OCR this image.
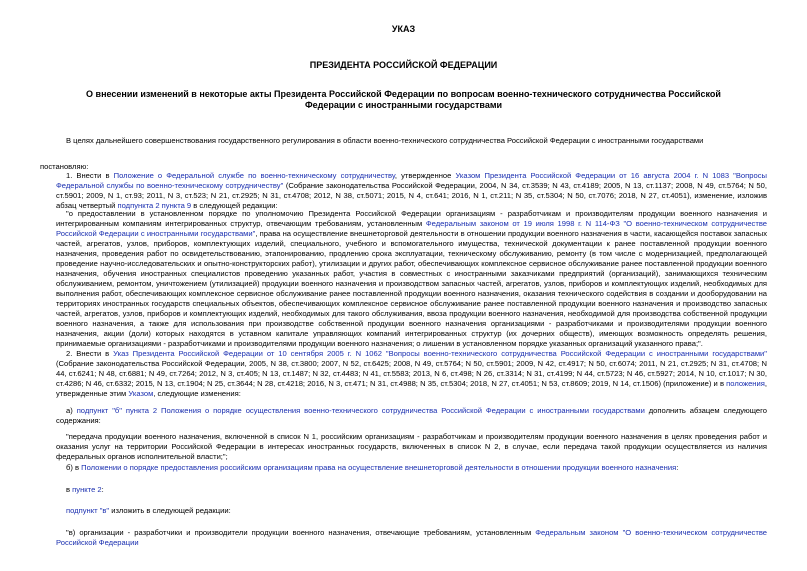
УКАЗ
ПРЕЗИДЕНТА РОССИЙСКОЙ ФЕДЕРАЦИИ
О внесении изменений в некоторые акты Президента Российской Федерации по вопросам военно-технического сотрудничества Российской Федерации с иностранными государствами
В целях дальнейшего совершенствования государственного регулирования в области военно-технического сотрудничества Российской Федерации с иностранными государствами
постановляю:
1. Внести в Положение о Федеральной службе по военно-техническому сотрудничеству, утвержденное Указом Президента Российской Федерации от 16 августа 2004 г. N 1083 "Вопросы Федеральной службы по военно-техническому сотрудничеству" (Собрание законодательства Российской Федерации, 2004, N 34, ст.3539; N 43, ст.4189; 2005, N 13, ст.1137; 2008, N 49, ст.5764; N 50, ст.5901; 2009, N 1, ст.93; 2011, N 3, ст.523; N 21, ст.2925; N 31, ст.4708; 2012, N 38, ст.5071; 2015, N 4, ст.641; 2016, N 1, ст.211; N 35, ст.5304; N 50, ст.7076; 2018, N 27, ст.4051), изменение, изложив абзац четвертый подпункта 2 пункта 9 в следующей редакции:
"о предоставлении в установленном порядке по уполномочию Президента Российской Федерации организациям - разработчикам и производителям продукции военного назначения и интегрированным компаниям интегрированных структур, отвечающим требованиям, установленным Федеральным законом от 19 июля 1998 г. N 114-ФЗ "О военно-техническом сотрудничестве Российской Федерации с иностранными государствами", права на осуществление внешнеторговой деятельности в отношении продукции военного назначения в части, касающейся поставок запасных частей, агрегатов, узлов, приборов, комплектующих изделий, специального, учебного и вспомогательного имущества, технической документации к ранее поставленной продукции военного назначения, проведения работ по освидетельствованию, этапонированию, продлению срока эксплуатации, техническому обслуживанию, ремонту (в том числе с модернизацией, предполагающей проведение научно-исследовательских и опытно-конструкторских работ), утилизации и других работ, обеспечивающих комплексное сервисное обслуживание ранее поставленной продукции военного назначения, обучения иностранных специалистов проведению указанных работ, участия в совместных с иностранными заказчиками предприятий (организаций), занимающихся техническим обслуживанием, ремонтом, уничтожением (утилизацией) продукции военного назначения и производством запасных частей, агрегатов, узлов, приборов и комплектующих изделий, необходимых для выполнения работ, обеспечивающих комплексное сервисное обслуживание ранее поставленной продукции военного назначения, оказания технического содействия в создании и дооборудовании на территориях иностранных государств специальных объектов, обеспечивающих комплексное сервисное обслуживание ранее поставленной продукции военного назначения и производство запасных частей, агрегатов, узлов, приборов и комплектующих изделий, необходимых для такого обслуживания, ввоза продукции военного назначения, необходимой для производства собственной продукции военного назначения, а также для использования при производстве собственной продукции военного назначения организациями - разработчиками и производителями продукции военного назначения, акции (доли) которых находятся в уставном капитале управляющих компаний интегрированных структур (их дочерних обществ), имеющих возможность определять решения, принимаемые организациями - разработчиками и производителями продукции военного назначения; о лишении в установленном порядке указанных организаций указанного права;".
2. Внести в Указ Президента Российской Федерации от 10 сентября 2005 г. N 1062 "Вопросы военно-технического сотрудничества Российской Федерации с иностранными государствами" (Собрание законодательства Российской Федерации, 2005, N 38, ст.3800; 2007, N 52, ст.6425; 2008, N 49, ст.5764; N 50, ст.5901; 2009, N 42, ст.4917; N 50, ст.6074; 2011, N 21, ст.2925; N 31, ст.4708; N 44, ст.6241; N 48, ст.6881; N 49, ст.7264; 2012, N 3, ст.405; N 13, ст.1487; N 32, ст.4483; N 41, ст.5583; 2013, N 6, ст.498; N 26, ст.3314; N 31, ст.4199; N 44, ст.5723; N 46, ст.5927; 2014, N 10, ст.1017; N 30, ст.4286; N 46, ст.6332; 2015, N 13, ст.1904; N 25, ст.3644; N 28, ст.4218; 2016, N 3, ст.471; N 31, ст.4988; N 35, ст.5304; 2018, N 27, ст.4051; N 53, ст.8609; 2019, N 14, ст.1506) (приложение) и в положения, утвержденные этим Указом, следующие изменения:
а) подпункт "б" пункта 2 Положения о порядке осуществления военно-технического сотрудничества Российской Федерации с иностранными государствами дополнить абзацем следующего содержания:
"передача продукции военного назначения, включенной в список N 1, российским организациям - разработчикам и производителям продукции военного назначения в целях проведения работ и оказания услуг на территории Российской Федерации в интересах иностранных государств, включенных в список N 2, в случае, если передача такой продукции осуществляется из наличия федеральных органов исполнительной власти;";
б) в Положении о порядке предоставления российским организациям права на осуществление внешнеторговой деятельности в отношении продукции военного назначения:
в пункте 2:
подпункт "в" изложить в следующей редакции:
"в) организации - разработчики и производители продукции военного назначения, отвечающие требованиям, установленным Федеральным законом "О военно-техническом сотрудничестве Российской Федерации
